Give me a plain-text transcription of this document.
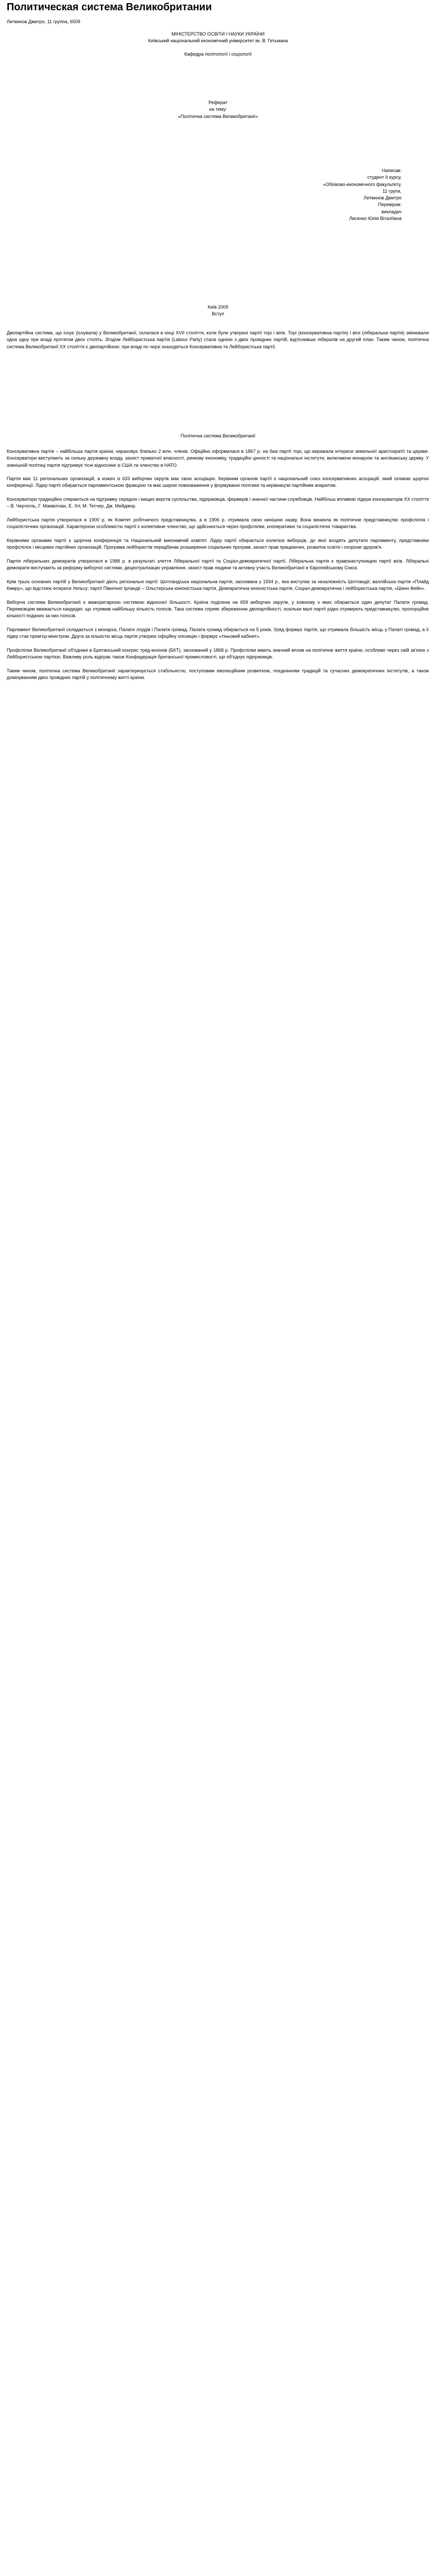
Политическая система Великобритании
Литвинов Дмитро, 11 группа, 6509
МІНІСТЕРСТВО ОСВІТИ І НАУКИ УКРАЇНИ
Київський національний економічний університет ім. В. Гетьмана
Кафедра політології і соціології
Реферат
на тему:
«Політична система Великобританії»
Написав:
студент II курсу,
«Обліково-економічного факультету,
11 групи,
Литвинов Дмитро
Перевірив:
викладач
Лисенко Юлія Віталіївна
Київ 2009
Вступ
Двопартійна система, що існує (існувала) у Великобританії, склалася в кінці XVII століття, коли були утворені партії торі і вігів. Торі (консервативна партія) і віги (ліберальна партія) змінювали одна одну при владі протягом двох століть. Згодом Лейбористська партія (Labour Party) стала однією з двох провідних партій, відтіснивши лібералів на другий план. Таким чином, політична система Великобританії XX століття є двопартійною: при владі по черзі знаходяться Консервативна та Лейбористська партії.
Політична система Великобританії

Консервативна партія – найбільша партія країни, нараховує близько 2 млн. членів. Офіційно оформилася в 1867 р. на базі партії торі, що виражала інтереси земельної аристократії та церкви. Консерватори виступають за сильну державну владу, захист приватної власності, ринкову економіку, традиційні цінності та національні інститути, включаючи монархію та англіканську церкву. У зовнішній політиці партія підтримує тісні відносини зі США та членство в НАТО.

Партія має 11 регіональних організацій, а кожен із 633 виборчих округів має свою асоціацію. Керівним органом партії є національний союз консервативних асоціацій, який скликає щорічні конференції. Лідер партії обирається парламентською фракцією та має широкі повноваження у формуванні політики та керівництві партійним апаратом.

Консерватори традиційно спираються на підтримку середніх і вищих верств суспільства, підприємців, фермерів і значної частини службовців. Найбільш впливові лідери консерваторів XX століття – В. Черчілль, Г. Макміллан, Е. Хіт, М. Тетчер, Дж. Мейджор.

Лейбористська партія утворилася в 1900 р. як Комітет робітничого представництва, а в 1906 р. отримала свою нинішню назву. Вона виникла як політичне представництво профспілок і соціалістичних організацій. Характерною особливістю партії є колективне членство, що здійснюється через профспілки, кооперативні та соціалістичні товариства.

Керівними органами партії є щорічна конференція та Національний виконавчий комітет. Лідер партії обирається колегією виборців, до якої входять депутати парламенту, представники профспілок і місцевих партійних організацій. Програма лейбористів передбачає розширення соціальних програм, захист прав працюючих, розвиток освіти і охорони здоров'я.

Партія ліберальних демократів утворилася в 1988 р. в результаті злиття Ліберальної партії та Соціал-демократичної партії. Ліберальна партія є правонаступницею партії вігів. Ліберальні демократи виступають за реформу виборчої системи, децентралізацію управління, захист прав людини та активну участь Великобританії в Європейському Союзі.

Крім трьох основних партій у Великобританії діють регіональні партії: Шотландська національна партія, заснована у 1934 р., яка виступає за незалежність Шотландії; валлійська партія «Плайд Кимру», що відстоює інтереси Уельсу; партії Північної Ірландії – Ольстерська юніоністська партія, Демократична юніоністська партія, Соціал-демократична і лейбористська партія, «Шинн Фейн».

Виборча система Великобританії є мажоритарною системою відносної більшості. Країна поділена на 659 виборчих округів, у кожному з яких обирається один депутат Палати громад. Переможцем вважається кандидат, що отримав найбільшу кількість голосів. Така система сприяє збереженню двопартійності, оскільки малі партії рідко отримують представництво, пропорційне кількості поданих за них голосів.

Парламент Великобританії складається з монарха, Палати лордів і Палати громад. Палата громад обирається на 5 років. Уряд формує партія, що отримала більшість місць у Палаті громад, а її лідер стає прем'єр-міністром. Друга за кількістю місць партія утворює офіційну опозицію і формує «тіньовий кабінет».

Профспілки Великобританії об'єднані в Британський конгрес тред-юніонів (БКТ), заснований у 1868 р. Профспілки мають значний вплив на політичне життя країни, особливо через свій зв'язок з Лейбористською партією. Важливу роль відіграє також Конфедерація британської промисловості, що об'єднує підприємців.

Таким чином, політична система Великобританії характеризується стабільністю, поступовим еволюційним розвитком, поєднанням традицій та сучасних демократичних інститутів, а також домінуванням двох провідних партій у політичному житті країни.
